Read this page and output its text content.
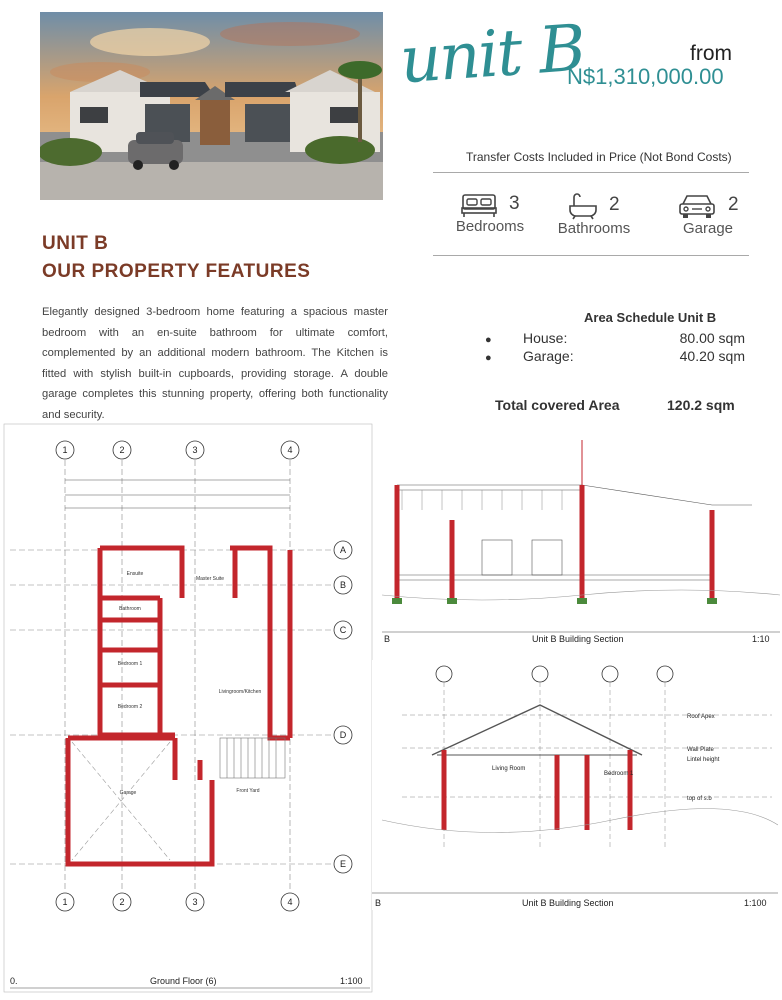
unit B	from
N$1,310,000.00
Transfer Costs Included in Price (Not Bond Costs)
3
Bedrooms
2
Bathrooms
2
Garage
UNIT B
OUR PROPERTY FEATURES
Elegantly designed 3-bedroom home featuring a spacious master bedroom with an en-suite bathroom for ultimate comfort, complemented by an additional modern bathroom. The Kitchen is fitted with stylish built-in cupboards, providing storage. A double garage completes this stunning property, offering both functionality and security.
Area Schedule Unit B
● House:	80.00 sqm
● Garage:	40.20 sqm
Total covered Area	120.2 sqm
1	2	3	4
1	2	3	4
A
B
C
D
E
Master Suite
Ensuite
Bedroom 1
Bedroom 2
Bathroom
Livingroom/Kitchen
Garage	Front Yard
0.	Ground Floor (6)	1:100
B	Unit B Building Section	1:10
Living Room
Bedroom 1
Roof Apex
Wall Plate
Lintel height
top of s.b
B	Unit B Building Section	1:100
